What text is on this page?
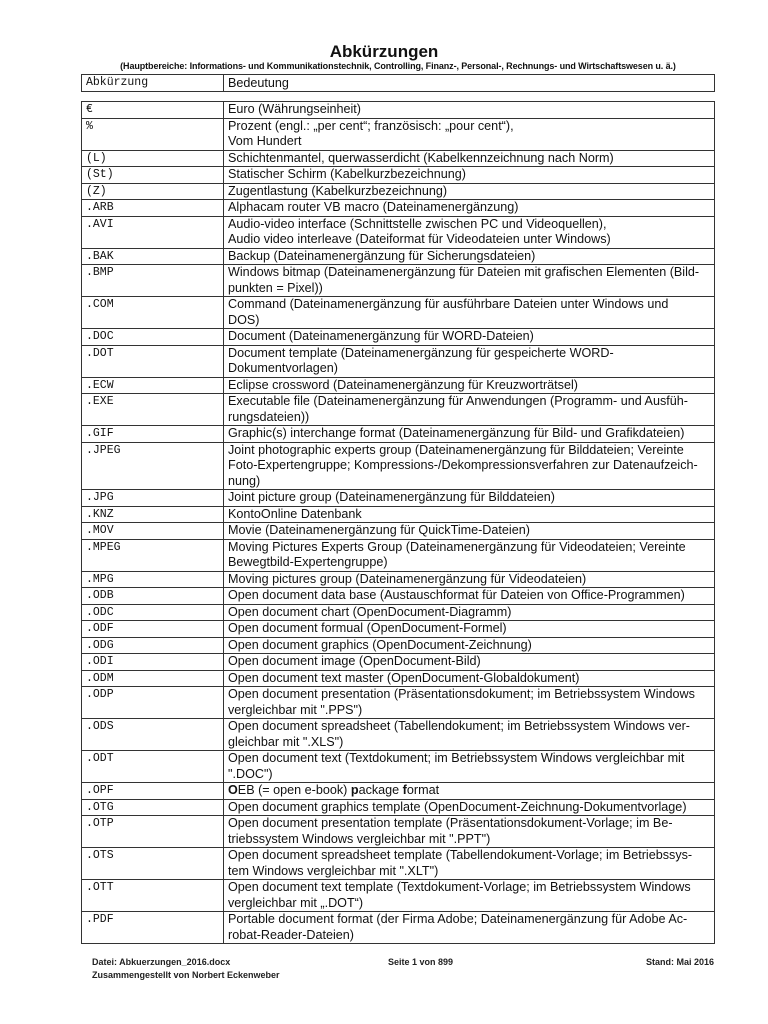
Abkürzungen
(Hauptbereiche: Informations- und Kommunikationstechnik, Controlling, Finanz-, Personal-, Rechnungs- und Wirtschaftswesen u. ä.)
Abkürzung	Bedeutung
€	Euro (Währungseinheit)

%	Prozent (engl.: „per cent“; französisch: „pour cent“),
Vom Hundert

(L)	Schichtenmantel, querwasserdicht (Kabelkennzeichnung nach Norm)

(St)	Statischer Schirm (Kabelkurzbezeichnung)

(Z)	Zugentlastung (Kabelkurzbezeichnung)

.ARB	Alphacam router VB macro (Dateinamenergänzung)

.AVI	Audio-video interface (Schnittstelle zwischen PC und Videoquellen),
Audio video interleave (Dateiformat für Videodateien unter Windows)

.BAK	Backup (Dateinamenergänzung für Sicherungsdateien)

.BMP	Windows bitmap (Dateinamenergänzung für Dateien mit grafischen Elementen (Bild-
punkten = Pixel))

.COM	Command (Dateinamenergänzung für ausführbare Dateien unter Windows und
DOS)

.DOC	Document (Dateinamenergänzung für WORD-Dateien)

.DOT	Document template (Dateinamenergänzung für gespeicherte WORD-
Dokumentvorlagen)

.ECW	Eclipse crossword (Dateinamenergänzung für Kreuzworträtsel)

.EXE	Executable file (Dateinamenergänzung für Anwendungen (Programm- und Ausfüh-
rungsdateien))

.GIF	Graphic(s) interchange format (Dateinamenergänzung für Bild- und Grafikdateien)

.JPEG	Joint photographic experts group (Dateinamenergänzung für Bilddateien; Vereinte
Foto-Expertengruppe; Kompressions-/Dekompressionsverfahren zur Datenaufzeich-
nung)

.JPG	Joint picture group (Dateinamenergänzung für Bilddateien)

.KNZ	KontoOnline Datenbank

.MOV	Movie (Dateinamenergänzung für QuickTime-Dateien)

.MPEG	Moving Pictures Experts Group (Dateinamenergänzung für Videodateien; Vereinte
Bewegtbild-Expertengruppe)

.MPG	Moving pictures group (Dateinamenergänzung für Videodateien)

.ODB	Open document data base (Austauschformat für Dateien von Office-Programmen)

.ODC	Open document chart (OpenDocument-Diagramm)

.ODF	Open document formual (OpenDocument-Formel)

.ODG	Open document graphics (OpenDocument-Zeichnung)

.ODI	Open document image (OpenDocument-Bild)

.ODM	Open document text master (OpenDocument-Globaldokument)

.ODP	Open document presentation (Präsentationsdokument; im Betriebssystem Windows
vergleichbar mit ".PPS")

.ODS	Open document spreadsheet (Tabellendokument; im Betriebssystem Windows ver-
gleichbar mit ".XLS")

.ODT	Open document text (Textdokument; im Betriebssystem Windows vergleichbar mit
".DOC")

.OPF	OEB (= open e-book) package format
.OTG	Open document graphics template (OpenDocument-Zeichnung-Dokumentvorlage)

.OTP	Open document presentation template (Präsentationsdokument-Vorlage; im Be-
triebssystem Windows vergleichbar mit ".PPT")

.OTS	Open document spreadsheet template (Tabellendokument-Vorlage; im Betriebssys-
tem Windows vergleichbar mit ".XLT")

.OTT	Open document text template (Textdokument-Vorlage; im Betriebssystem Windows
vergleichbar mit „.DOT“)

.PDF	Portable document format (der Firma Adobe; Dateinamenergänzung für Adobe Ac-
robat-Reader-Dateien)
Datei: Abkuerzungen_2016.docx
Zusammengestellt von Norbert Eckenweber
Seite 1 von 899	Stand: Mai 2016
